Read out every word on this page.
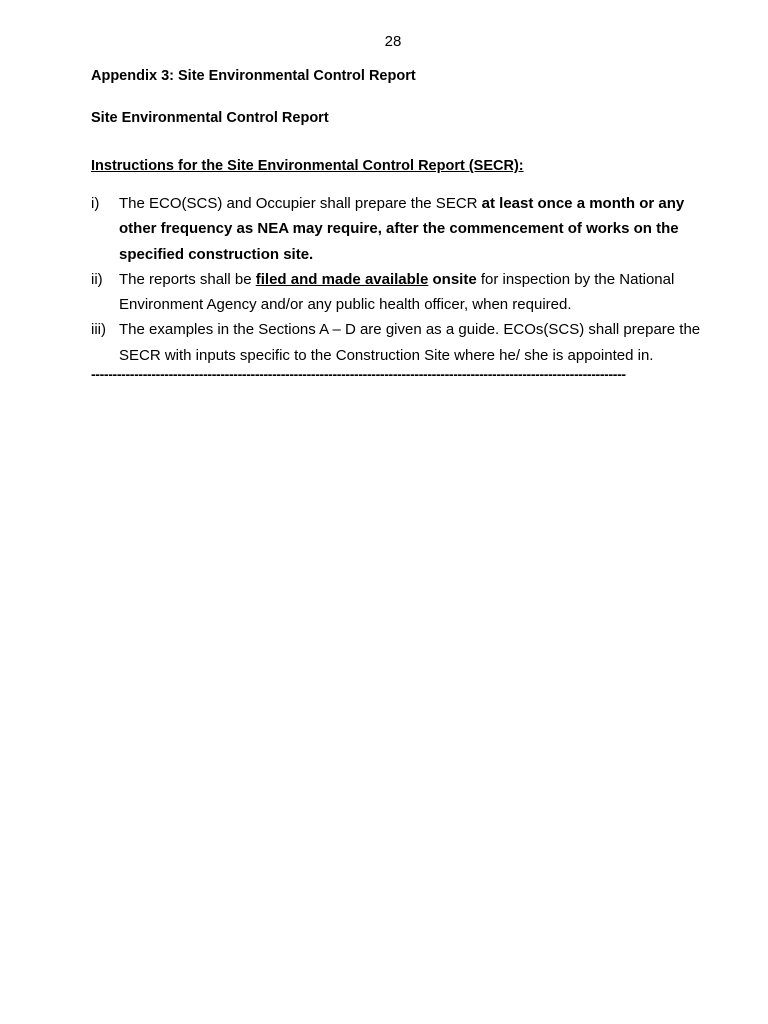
28
Appendix 3: Site Environmental Control Report
Site Environmental Control Report
Instructions for the Site Environmental Control Report (SECR):
i) The ECO(SCS) and Occupier shall prepare the SECR at least once a month or any other frequency as NEA may require, after the commencement of works on the specified construction site.
ii) The reports shall be filed and made available onsite for inspection by the National Environment Agency and/or any public health officer, when required.
iii) The examples in the Sections A – D are given as a guide. ECOs(SCS) shall prepare the SECR with inputs specific to the Construction Site where he/ she is appointed in.
----------------------------------------------------------------------------------------------------------------------------
